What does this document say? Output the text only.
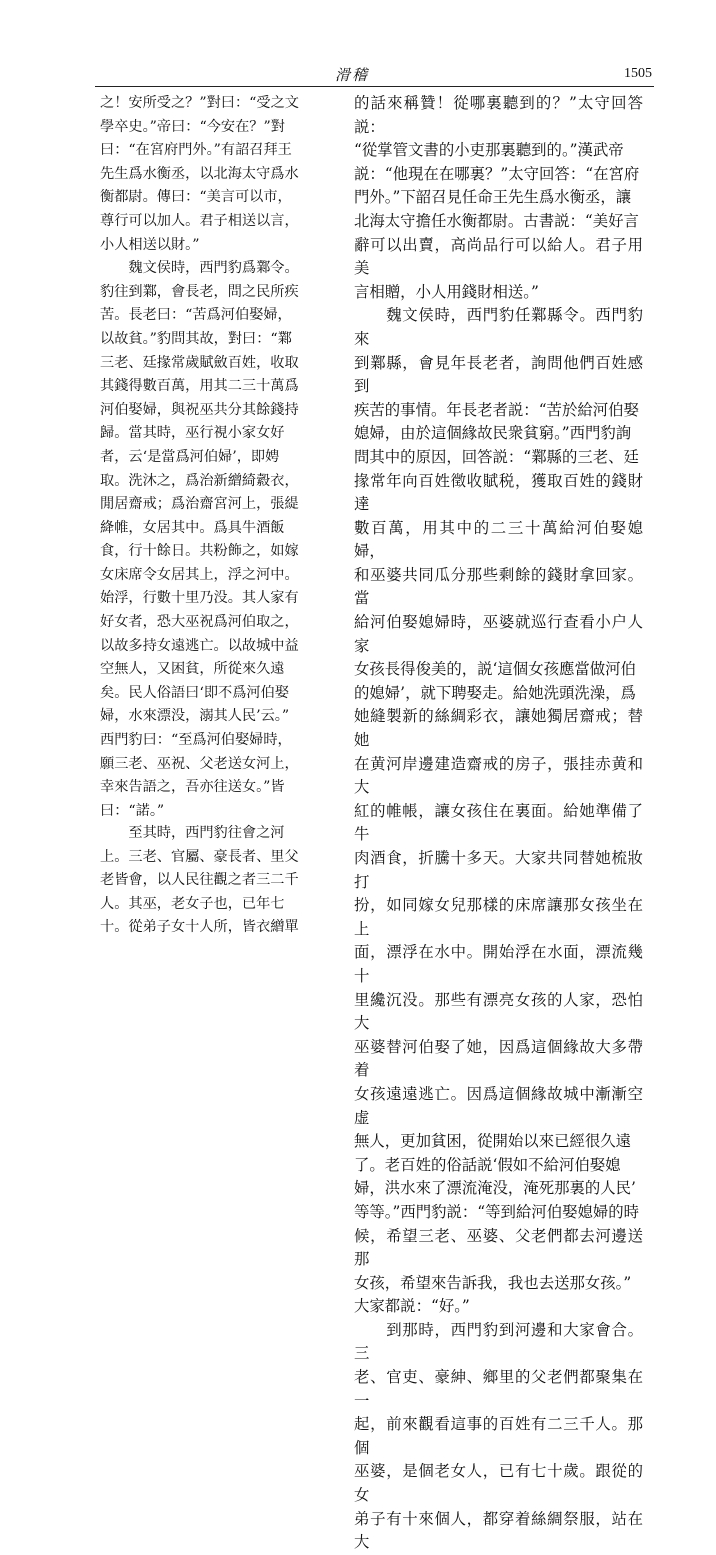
滑稽	1505

之！安所受之？”對曰：“受之文
學卒史。”帝曰：“今安在？”對
曰：“在宮府門外。”有詔召拜王
先生爲水衡丞，以北海太守爲水
衡都尉。傳曰：“美言可以市，
尊行可以加人。君子相送以言，
小人相送以財。”

　　魏文侯時，西門豹爲鄴令。
豹往到鄴，會長老，問之民所疾
苦。長老曰：“苦爲河伯娶婦，
以故貧。”豹問其故，對曰：“鄴
三老、廷掾常歲賦斂百姓，收取
其錢得數百萬，用其二三十萬爲
河伯娶婦，與祝巫共分其餘錢持
歸。當其時，巫行視小家女好
者，云‘是當爲河伯婦’，即娉
取。洗沐之，爲治新繒綺縠衣，
閒居齋戒；爲治齋宮河上，張緹
絳帷，女居其中。爲具牛酒飯
食，行十餘日。共粉飾之，如嫁
女床席令女居其上，浮之河中。
始浮，行數十里乃没。其人家有
好女者，恐大巫祝爲河伯取之，
以故多持女遠逃亡。以故城中益
空無人，又困貧，所從來久遠
矣。民人俗語曰‘即不爲河伯娶
婦，水來漂没，溺其人民’云。”
西門豹曰：“至爲河伯娶婦時，
願三老、巫祝、父老送女河上，
幸來告語之，吾亦往送女。”皆
曰：“諾。”

　　至其時，西門豹往會之河
上。三老、官屬、豪長者、里父
老皆會，以人民往觀之者三二千
人。其巫，老女子也，已年七
十。從弟子女十人所，皆衣繒單

的話來稱贊！從哪裏聽到的？”太守回答説：
“從掌管文書的小吏那裏聽到的。”漢武帝
説：“他現在在哪裏？”太守回答：“在宮府
門外。”下韶召見任命王先生爲水衡丞，讓
北海太守擔任水衡都尉。古書説：“美好言
辭可以出賣，高尚品行可以給人。君子用美
言相贈，小人用錢財相送。”

　　魏文侯時，西門豹任鄴縣令。西門豹來
到鄴縣，會見年長老者，詢問他們百姓感到
疾苦的事情。年長老者説：“苦於給河伯娶
媳婦，由於這個緣故民衆貧窮。”西門豹詢
問其中的原因，回答説：“鄴縣的三老、廷
掾常年向百姓徵收賦税，獲取百姓的錢財達
數百萬，用其中的二三十萬給河伯娶媳婦，
和巫婆共同瓜分那些剩餘的錢財拿回家。當
給河伯娶媳婦時，巫婆就巡行查看小户人家
女孩長得俊美的，説‘這個女孩應當做河伯
的媳婦’，就下聘娶走。給她洗頭洗澡，爲
她縫製新的絲綢彩衣，讓她獨居齋戒；替她
在黄河岸邊建造齋戒的房子，張挂赤黄和大
紅的帷帳，讓女孩住在裏面。給她準備了牛
肉酒食，折騰十多天。大家共同替她梳妝打
扮，如同嫁女兒那樣的床席讓那女孩坐在上
面，漂浮在水中。開始浮在水面，漂流幾十
里纔沉没。那些有漂亮女孩的人家，恐怕大
巫婆替河伯娶了她，因爲這個緣故大多帶着
女孩遠遠逃亡。因爲這個緣故城中漸漸空虚
無人，更加貧困，從開始以來已經很久遠
了。老百姓的俗話説‘假如不給河伯娶媳
婦，洪水來了漂流淹没，淹死那裏的人民’
等等。”西門豹説：“等到給河伯娶媳婦的時
候，希望三老、巫婆、父老們都去河邊送那
女孩，希望來告訴我，我也去送那女孩。”
大家都説：“好。”

　　到那時，西門豹到河邊和大家會合。三
老、官吏、豪紳、鄉里的父老們都聚集在一
起，前來觀看這事的百姓有二三千人。那個
巫婆，是個老女人，已有七十歲。跟從的女
弟子有十來個人，都穿着絲綢祭服，站在大
